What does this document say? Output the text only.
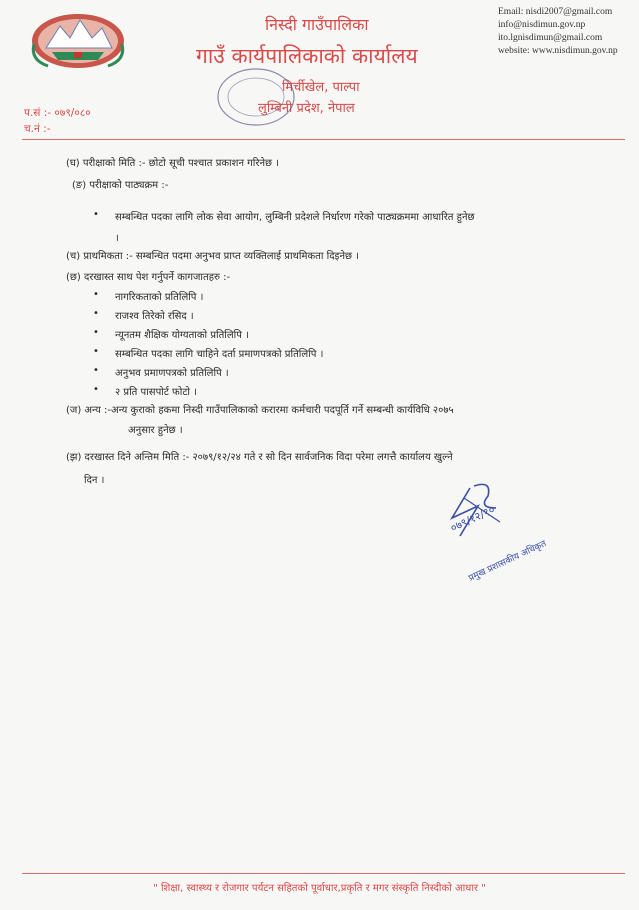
निस्दी गाउँपालिका
गाउँ कार्यपालिकाको कार्यालय
मिर्चीखेल, पाल्पा
लुम्बिनी प्रदेश, नेपाल
Email: nisdi2007@gmail.com
info@nisdimun.gov.np
ito.lgnisdimun@gmail.com
website: www.nisdimun.gov.np
प.सं :- ०७९/०८०
च.नं :-
(घ) परीक्षाको मिति :- छोटो सूची पश्चात प्रकाशन गरिनेछ ।
(ङ) परीक्षाको पाठ्यक्रम :-
• सम्बन्धित पदका लागि लोक सेवा आयोग, लुम्बिनी प्रदेशले निर्धारण गरेको पाठ्यक्रममा आधारित हुनेछ
।
(च) प्राथमिकता :- सम्बन्धित पदमा अनुभव प्राप्त व्यक्तिलाई प्राथमिकता दिइनेछ ।
(छ) दरखास्त साथ पेश गर्नुपर्ने कागजातहरु :-
• नागरिकताको प्रतिलिपि ।
• राजश्व तिरेको रसिद ।
• न्यूनतम शैक्षिक योग्यताको प्रतिलिपि ।
• सम्बन्धित पदका लागि चाहिने दर्ता प्रमाणपत्रको प्रतिलिपि ।
• अनुभव प्रमाणपत्रको प्रतिलिपि ।
• २ प्रति पासपोर्ट फोटो ।
(ज) अन्य :-अन्य कुराको हकमा निस्दी गाउँपालिकाको करारमा कर्मचारी पदपूर्ति गर्ने सम्बन्धी कार्यविधि २०७५
अनुसार हुनेछ ।
(झ) दरखास्त दिने अन्तिम मिति :- २०७९/१२/२४ गते र सो दिन सार्वजनिक विदा परेमा लगत्तै कार्यालय खुल्ने
दिन ।
०७९/१२/१०
प्रमुख प्रशासकीय अधिकृत
" शिक्षा, स्वास्थ्य र रोजगार पर्यटन सहितको पूर्वाधार,प्रकृति र मगर संस्कृति निस्दीको आधार "
